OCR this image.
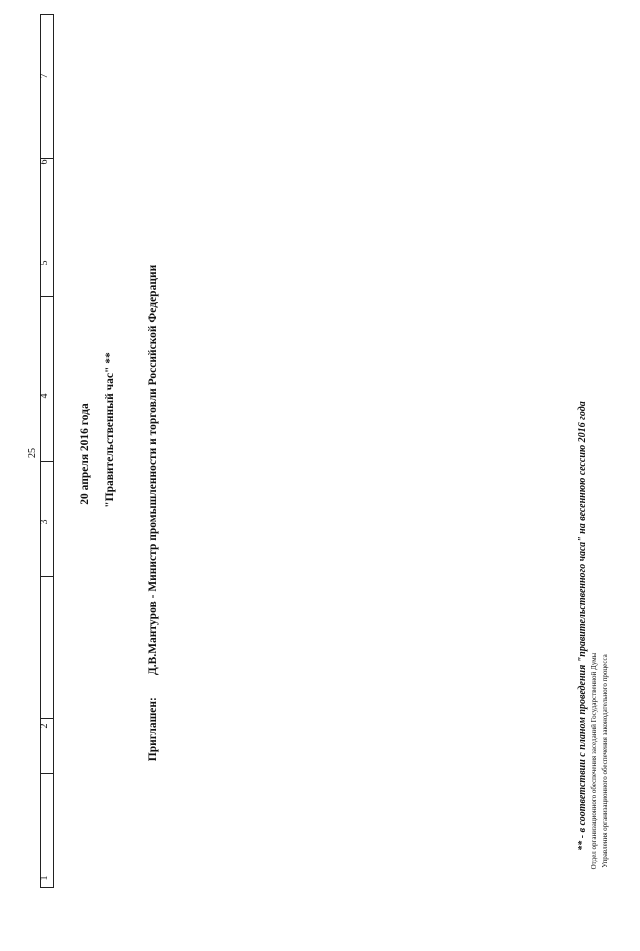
1
2
3
4
5
6
7
25	20 апреля 2016 года "Правительственный час" **
Приглашен:Д.В.Мантуров - Министр промышленности и торговли Российской Федерации	** - в соответствии с планом проведения "правительственного часа" на весеннюю сессию 2016 года Отдел организационного обеспечения заседаний Государственной Думы Управления организационного обеспечения законодательного процесса
